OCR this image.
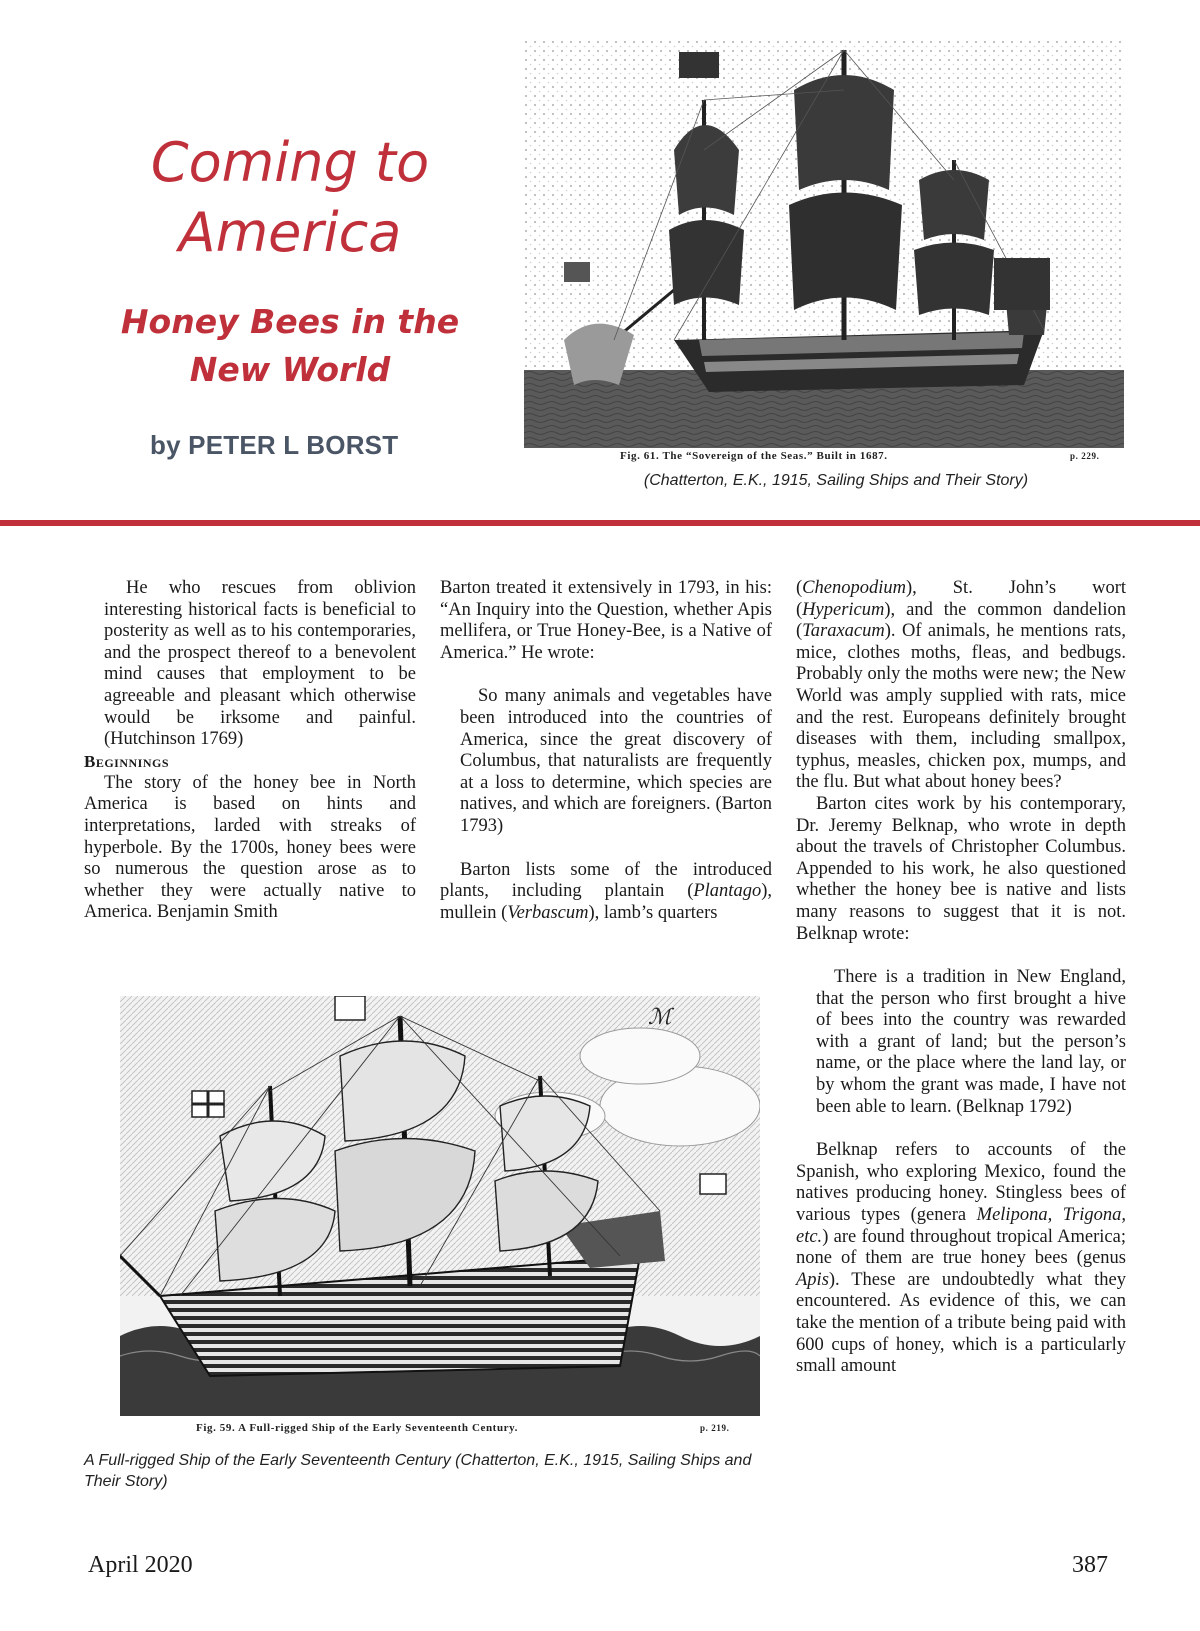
Coming to America
Honey Bees in the New World
by PETER L BORST	Fig. 61. The “Sovereign of the Seas.” Built in 1687.	p. 229.
(Chatterton, E.K., 1915, Sailing Ships and Their Story)

He who rescues from oblivion interesting historical facts is beneficial to posterity as well as to his contemporaries, and the prospect thereof to a benevolent mind causes that employment to be agreeable and pleasant which otherwise would be irksome and painful. (Hutchinson 1769)

Beginnings

The story of the honey bee in North America is based on hints and interpretations, larded with streaks of hyperbole. By the 1700s, honey bees were so numerous the question arose as to whether they were actually native to America. Benjamin Smith

Barton treated it extensively in 1793, in his: “An Inquiry into the Question, whether Apis mellifera, or True Honey-Bee, is a Native of America.” He wrote:

So many animals and vegetables have been introduced into the countries of America, since the great discovery of Columbus, that naturalists are frequently at a loss to determine, which species are natives, and which are foreigners. (Barton 1793)

Barton lists some of the introduced plants, including plantain (Plantago), mullein (Verbascum), lamb’s quarters

(Chenopodium), St. John’s wort (Hypericum), and the common dandelion (Taraxacum). Of animals, he mentions rats, mice, clothes moths, fleas, and bedbugs. Probably only the moths were new; the New World was amply supplied with rats, mice and the rest. Europeans definitely brought diseases with them, including smallpox, typhus, measles, chicken pox, mumps, and the flu. But what about honey bees?

Barton cites work by his contemporary, Dr. Jeremy Belknap, who wrote in depth about the travels of Christopher Columbus. Appended to his work, he also questioned whether the honey bee is native and lists many reasons to suggest that it is not. Belknap wrote:

There is a tradition in New England, that the person who first brought a hive of bees into the country was rewarded with a grant of land; but the person’s name, or the place where the land lay, or by whom the grant was made, I have not been able to learn. (Belknap 1792)

Belknap refers to accounts of the Spanish, who exploring Mexico, found the natives producing honey. Stingless bees of various types (genera Melipona, Trigona, etc.) are found throughout tropical America; none of them are true honey bees (genus Apis). These are undoubtedly what they encountered. As evidence of this, we can take the mention of a tribute being paid with 600 cups of honey, which is a particularly small amount

ℳ
Fig. 59. A Full-rigged Ship of the Early Seventeenth Century.	p. 219.
A Full-rigged Ship of the Early Seventeenth Century (Chatterton, E.K., 1915, Sailing Ships and Their Story)
April 2020	387
